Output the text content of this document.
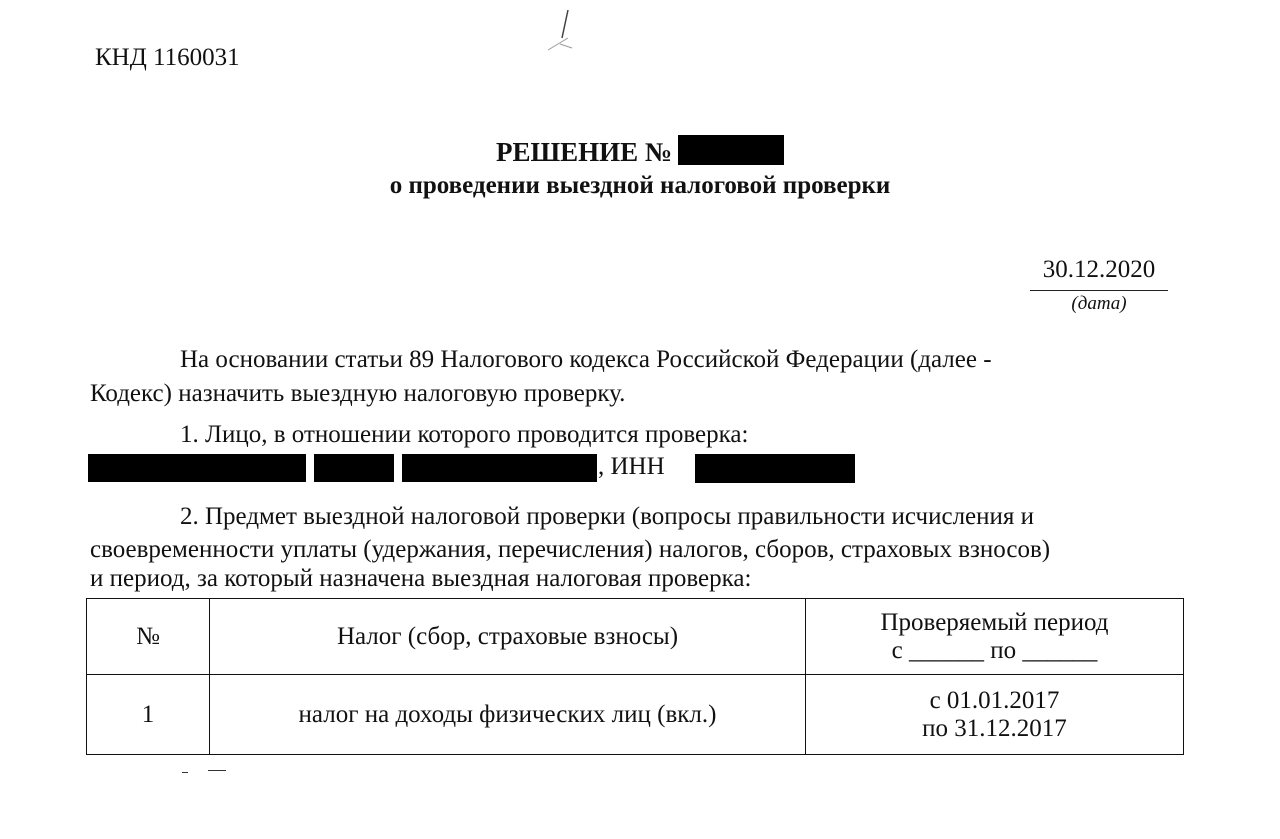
КНД 1160031
РЕШЕНИЕ №
о проведении выездной налоговой проверки
30.12.2020
(дата)
На основании статьи 89 Налогового кодекса Российской Федерации (далее -
Кодекс) назначить выездную налоговую проверку.
1. Лицо, в отношении которого проводится проверка:
, ИНН
2. Предмет выездной налоговой проверки (вопросы правильности исчисления и
своевременности уплаты (удержания, перечисления) налогов, сборов, страховых взносов)
и период, за который назначена выездная налоговая проверка:
№	Налог (сбор, страховые взносы)	Проверяемый период
с ______ по ______

1	налог на доходы физических лиц (вкл.)	с 01.01.2017
по 31.12.2017
